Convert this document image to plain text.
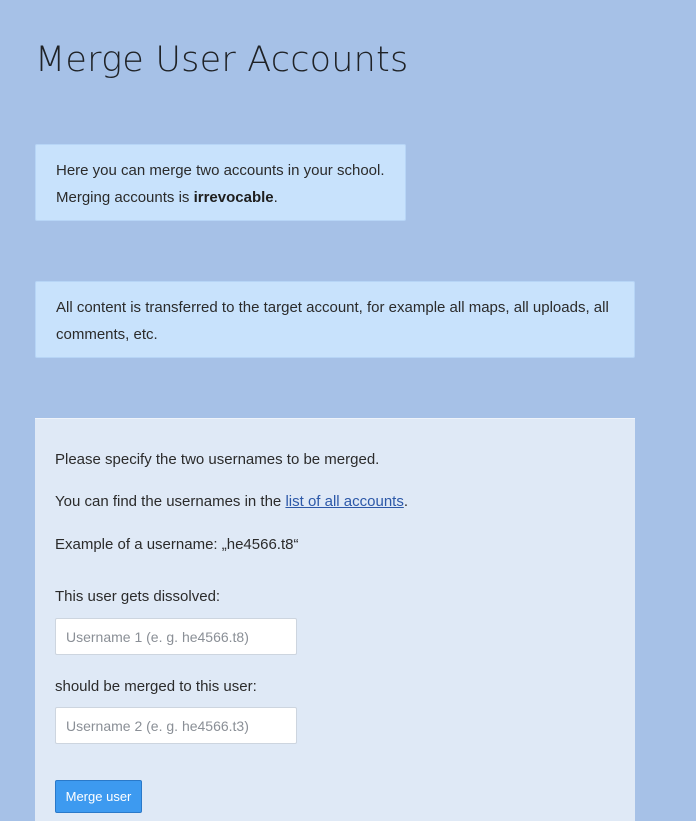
Merge User Accounts
Here you can merge two accounts in your school.
Merging accounts is irrevocable.
All content is transferred to the target account, for example all maps, all uploads, all comments, etc.
Please specify the two usernames to be merged.
You can find the usernames in the list of all accounts.
Example of a username: „he4566.t8“
This user gets dissolved:
Username 1 (e. g. he4566.t8)
should be merged to this user:
Username 2 (e. g. he4566.t3)
Merge user
